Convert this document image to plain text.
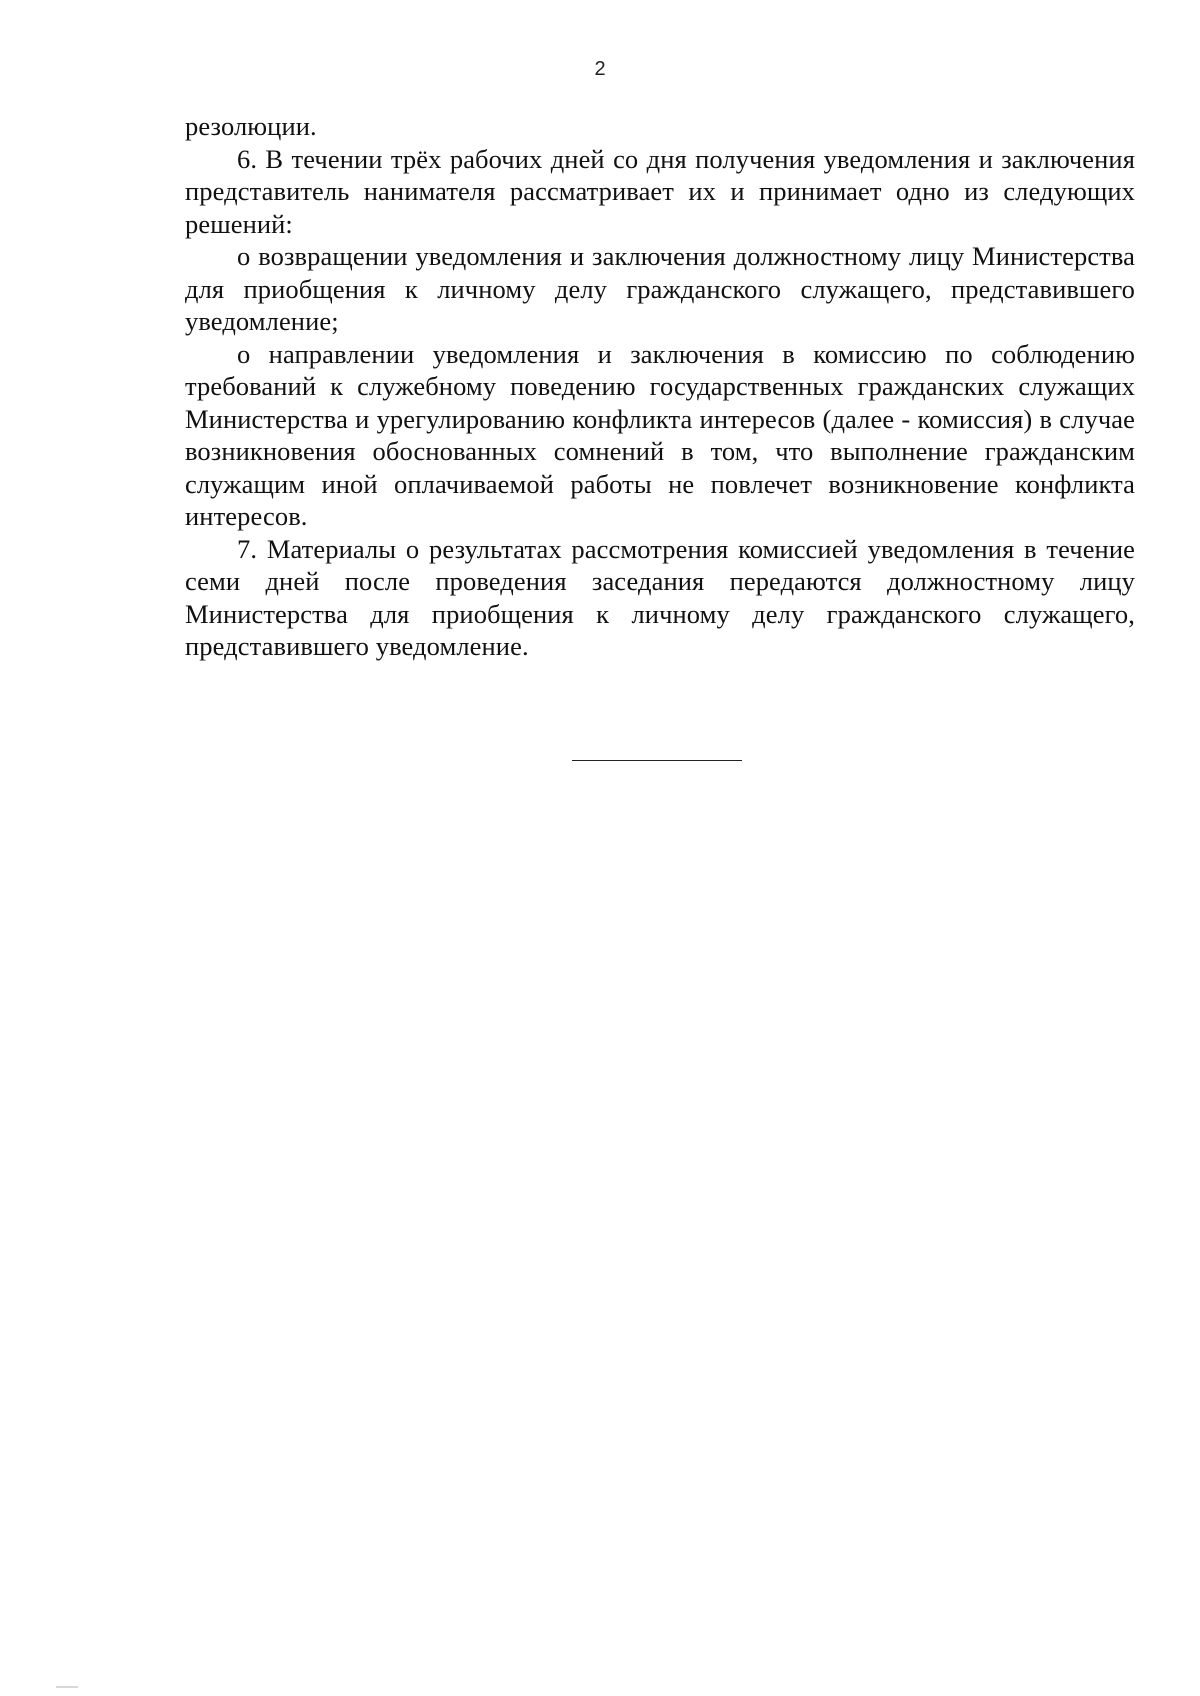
2

резолюции.

6. В течении трёх рабочих дней со дня получения уведомления и заключения представитель нанимателя рассматривает их и принимает одно из следующих решений:

о возвращении уведомления и заключения должностному лицу Министерства для приобщения к личному делу гражданского служащего, представившего уведомление;

о направлении уведомления и заключения в комиссию по соблюдению требований к служебному поведению государственных гражданских служащих Министерства и урегулированию конфликта интересов (далее - комиссия) в случае возникновения обоснованных сомнений в том, что выполнение гражданским служащим иной оплачиваемой работы не повлечет возникновение конфликта интересов.

7. Материалы о результатах рассмотрения комиссией уведомления в течение семи дней после проведения заседания передаются должностному лицу Министерства для приобщения к личному делу гражданского служащего, представившего уведомление.
